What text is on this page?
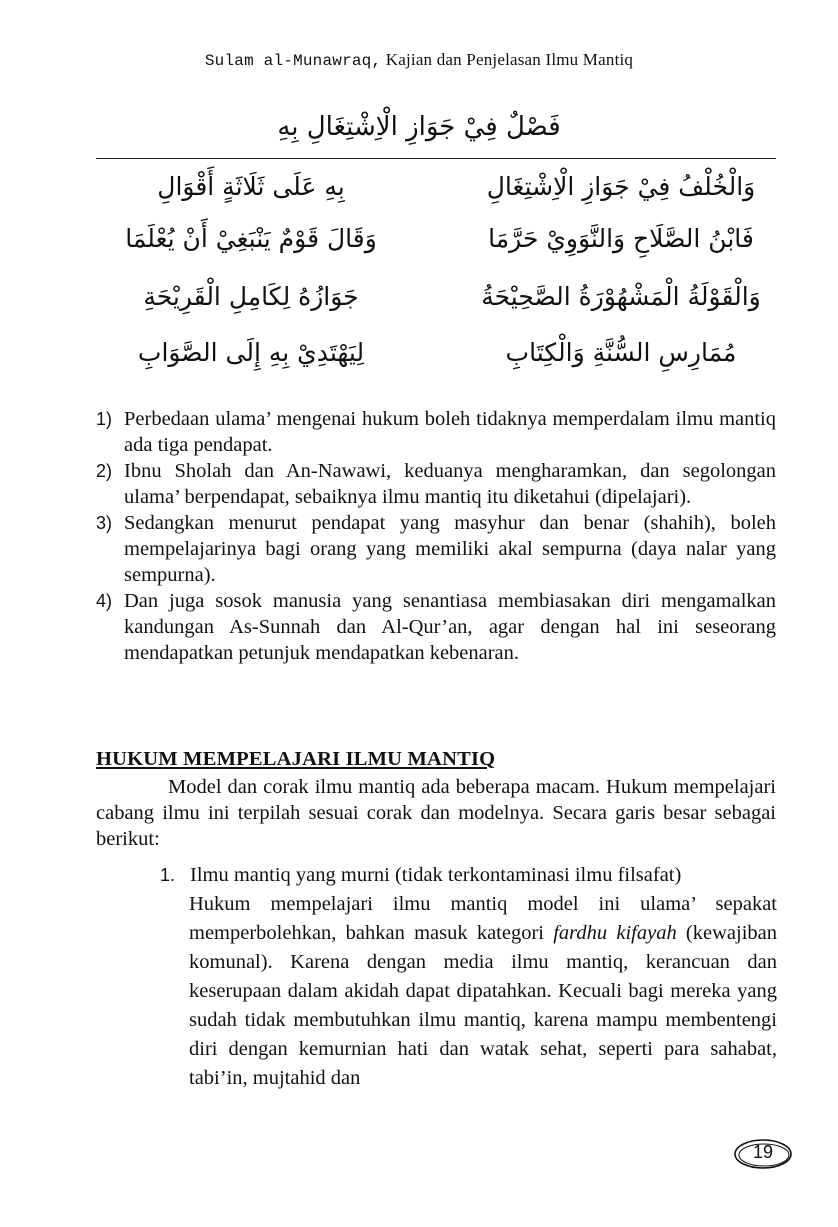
Sulam al-Munawraq, Kajian dan Penjelasan Ilmu Mantiq
فَصْلٌ فِيْ جَوَازِ الْاِشْتِغَالِ بِهِ
وَالْخُلْفُ فِيْ جَوَازِ الْاِشْتِغَالِ
بِهِ عَلَى ثَلَاثَةٍ أَقْوَالِ
فَابْنُ الصَّلَاحِ وَالنَّوَوِيْ حَرَّمَا
وَقَالَ قَوْمٌ يَنْبَغِيْ أَنْ يُعْلَمَا
وَالْقَوْلَةُ الْمَشْهُوْرَةُ الصَّحِيْحَةُ
جَوَازُهُ لِكَامِلِ الْقَرِيْحَةِ
مُمَارِسِ السُّنَّةِ وَالْكِتَابِ
لِيَهْتَدِيْ بِهِ إِلَى الصَّوَابِ
1) Perbedaan ulama’ mengenai hukum boleh tidaknya memperdalam ilmu mantiq ada tiga pendapat.
2) Ibnu Sholah dan An-Nawawi, keduanya mengharamkan, dan segolongan ulama’ berpendapat, sebaiknya ilmu mantiq itu diketahui (dipelajari).
3) Sedangkan menurut pendapat yang masyhur dan benar (shahih), boleh mempelajarinya bagi orang yang memiliki akal sempurna (daya nalar yang sempurna).
4) Dan juga sosok manusia yang senantiasa membiasakan diri mengamalkan kandungan As-Sunnah dan Al-Qur’an, agar dengan hal ini seseorang mendapatkan petunjuk mendapatkan kebenaran.
HUKUM MEMPELAJARI ILMU MANTIQ

Model dan corak ilmu mantiq ada beberapa macam. Hukum mempelajari cabang ilmu ini terpilah sesuai corak dan modelnya. Secara garis besar sebagai berikut:

1. Ilmu mantiq yang murni (tidak terkontaminasi ilmu filsafat)

Hukum mempelajari ilmu mantiq model ini ulama’ sepakat memperbolehkan, bahkan masuk kategori fardhu kifayah (kewajiban komunal). Karena dengan media ilmu mantiq, kerancuan dan keserupaan dalam akidah dapat dipatahkan. Kecuali bagi mereka yang sudah tidak membutuhkan ilmu mantiq, karena mampu membentengi diri dengan kemurnian hati dan watak sehat, seperti para sahabat, tabi’in, mujtahid dan

19
